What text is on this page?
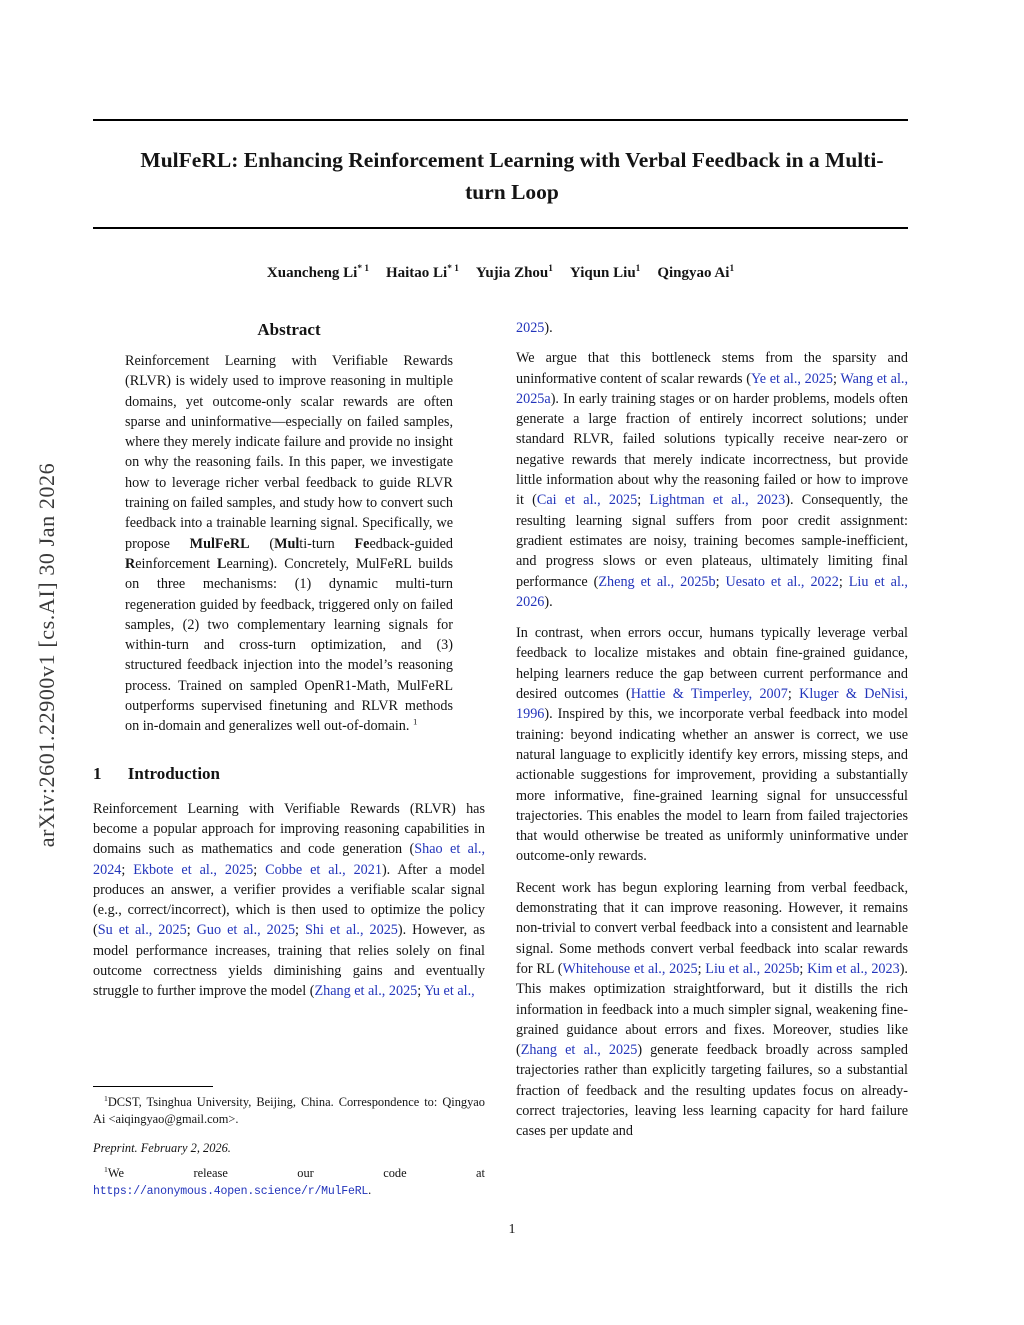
arXiv:2601.22900v1 [cs.AI] 30 Jan 2026
MulFeRL: Enhancing Reinforcement Learning with Verbal Feedback in a Multi-turn Loop
Xuancheng Li$^{* 1}$ Haitao Li$^{* 1}$ Yujia Zhou$^1$ Yiqun Liu$^1$ Qingyao Ai$^1$
Abstract
Reinforcement Learning with Verifiable Rewards (RLVR) is widely used to improve reasoning in multiple domains, yet outcome-only scalar rewards are often sparse and uninformative—especially on failed samples, where they merely indicate failure and provide no insight on why the reasoning fails. In this paper, we investigate how to leverage richer verbal feedback to guide RLVR training on failed samples, and study how to convert such feedback into a trainable learning signal. Specifically, we propose MulFeRL (Multi-turn Feedback-guided Reinforcement Learning). Concretely, MulFeRL builds on three mechanisms: (1) dynamic multi-turn regeneration guided by feedback, triggered only on failed samples, (2) two complementary learning signals for within-turn and cross-turn optimization, and (3) structured feedback injection into the model’s reasoning process. Trained on sampled OpenR1-Math, MulFeRL outperforms supervised finetuning and RLVR methods on in-domain and generalizes well out-of-domain. $^1$
1 Introduction

Reinforcement Learning with Verifiable Rewards (RLVR) has become a popular approach for improving reasoning capabilities in domains such as mathematics and code generation (Shao et al., 2024; Ekbote et al., 2025; Cobbe et al., 2021). After a model produces an answer, a verifier provides a verifiable scalar signal (e.g., correct/incorrect), which is then used to optimize the policy (Su et al., 2025; Guo et al., 2025; Shi et al., 2025). However, as model performance increases, training that relies solely on final outcome correctness yields diminishing gains and eventually struggle to further improve the model (Zhang et al., 2025; Yu et al.,

$^1$DCST, Tsinghua University, Beijing, China. Correspondence to: Qingyao Ai <aiqingyao@gmail.com>.

Preprint. February 2, 2026.

$^1$We release our code at https://anonymous.4open.science/r/MulFeRL.

2025).

We argue that this bottleneck stems from the sparsity and uninformative content of scalar rewards (Ye et al., 2025; Wang et al., 2025a). In early training stages or on harder problems, models often generate a large fraction of entirely incorrect solutions; under standard RLVR, failed solutions typically receive near-zero or negative rewards that merely indicate incorrectness, but provide little information about why the reasoning failed or how to improve it (Cai et al., 2025; Lightman et al., 2023). Consequently, the resulting learning signal suffers from poor credit assignment: gradient estimates are noisy, training becomes sample-inefficient, and progress slows or even plateaus, ultimately limiting final performance (Zheng et al., 2025b; Uesato et al., 2022; Liu et al., 2026).

In contrast, when errors occur, humans typically leverage verbal feedback to localize mistakes and obtain fine-grained guidance, helping learners reduce the gap between current performance and desired outcomes (Hattie & Timperley, 2007; Kluger & DeNisi, 1996). Inspired by this, we incorporate verbal feedback into model training: beyond indicating whether an answer is correct, we use natural language to explicitly identify key errors, missing steps, and actionable suggestions for improvement, providing a substantially more informative, fine-grained learning signal for unsuccessful trajectories. This enables the model to learn from failed trajectories that would otherwise be treated as uniformly uninformative under outcome-only rewards.

Recent work has begun exploring learning from verbal feedback, demonstrating that it can improve reasoning. However, it remains non-trivial to convert verbal feedback into a consistent and learnable signal. Some methods convert verbal feedback into scalar rewards for RL (Whitehouse et al., 2025; Liu et al., 2025b; Kim et al., 2023). This makes optimization straightforward, but it distills the rich information in feedback into a much simpler signal, weakening fine-grained guidance about errors and fixes. Moreover, studies like (Zhang et al., 2025) generate feedback broadly across sampled trajectories rather than explicitly targeting failures, so a substantial fraction of feedback and the resulting updates focus on already-correct trajectories, leaving less learning capacity for hard failure cases per update and

1
